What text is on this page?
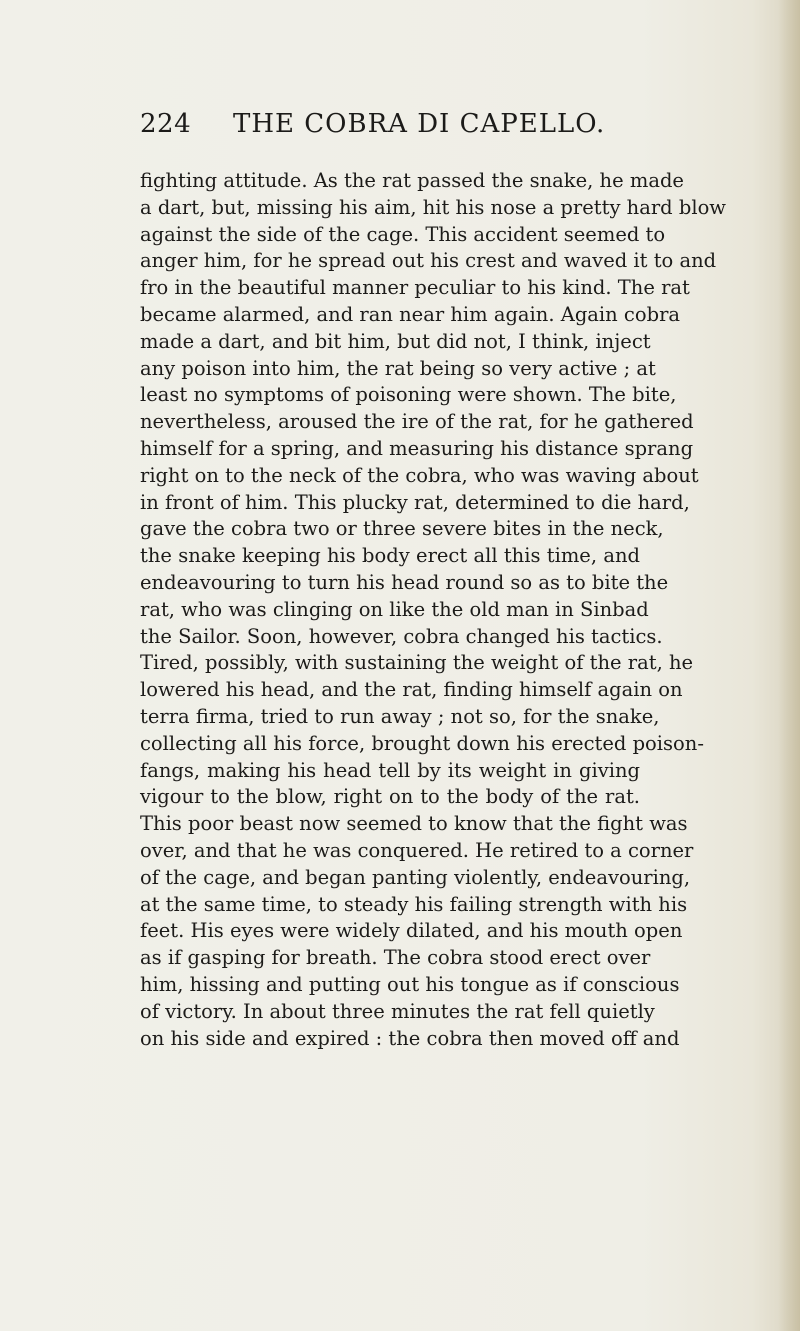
224 THE COBRA DI CAPELLO.
fighting attitude. As the rat passed the snake, he made
a dart, but, missing his aim, hit his nose a pretty hard blow
against the side of the cage. This accident seemed to
anger him, for he spread out his crest and waved it to and
fro in the beautiful manner peculiar to his kind. The rat
became alarmed, and ran near him again. Again cobra
made a dart, and bit him, but did not, I think, inject
any poison into him, the rat being so very active ; at
least no symptoms of poisoning were shown. The bite,
nevertheless, aroused the ire of the rat, for he gathered
himself for a spring, and measuring his distance sprang
right on to the neck of the cobra, who was waving about
in front of him. This plucky rat, determined to die hard,
gave the cobra two or three severe bites in the neck,
the snake keeping his body erect all this time, and
endeavouring to turn his head round so as to bite the
rat, who was clinging on like the old man in Sinbad
the Sailor. Soon, however, cobra changed his tactics.
Tired, possibly, with sustaining the weight of the rat, he
lowered his head, and the rat, finding himself again on
terra firma, tried to run away ; not so, for the snake,
collecting all his force, brought down his erected poison-
fangs, making his head tell by its weight in giving
vigour to the blow, right on to the body of the rat.
This poor beast now seemed to know that the fight was
over, and that he was conquered. He retired to a corner
of the cage, and began panting violently, endeavouring,
at the same time, to steady his failing strength with his
feet. His eyes were widely dilated, and his mouth open
as if gasping for breath. The cobra stood erect over
him, hissing and putting out his tongue as if conscious
of victory. In about three minutes the rat fell quietly
on his side and expired : the cobra then moved off and
